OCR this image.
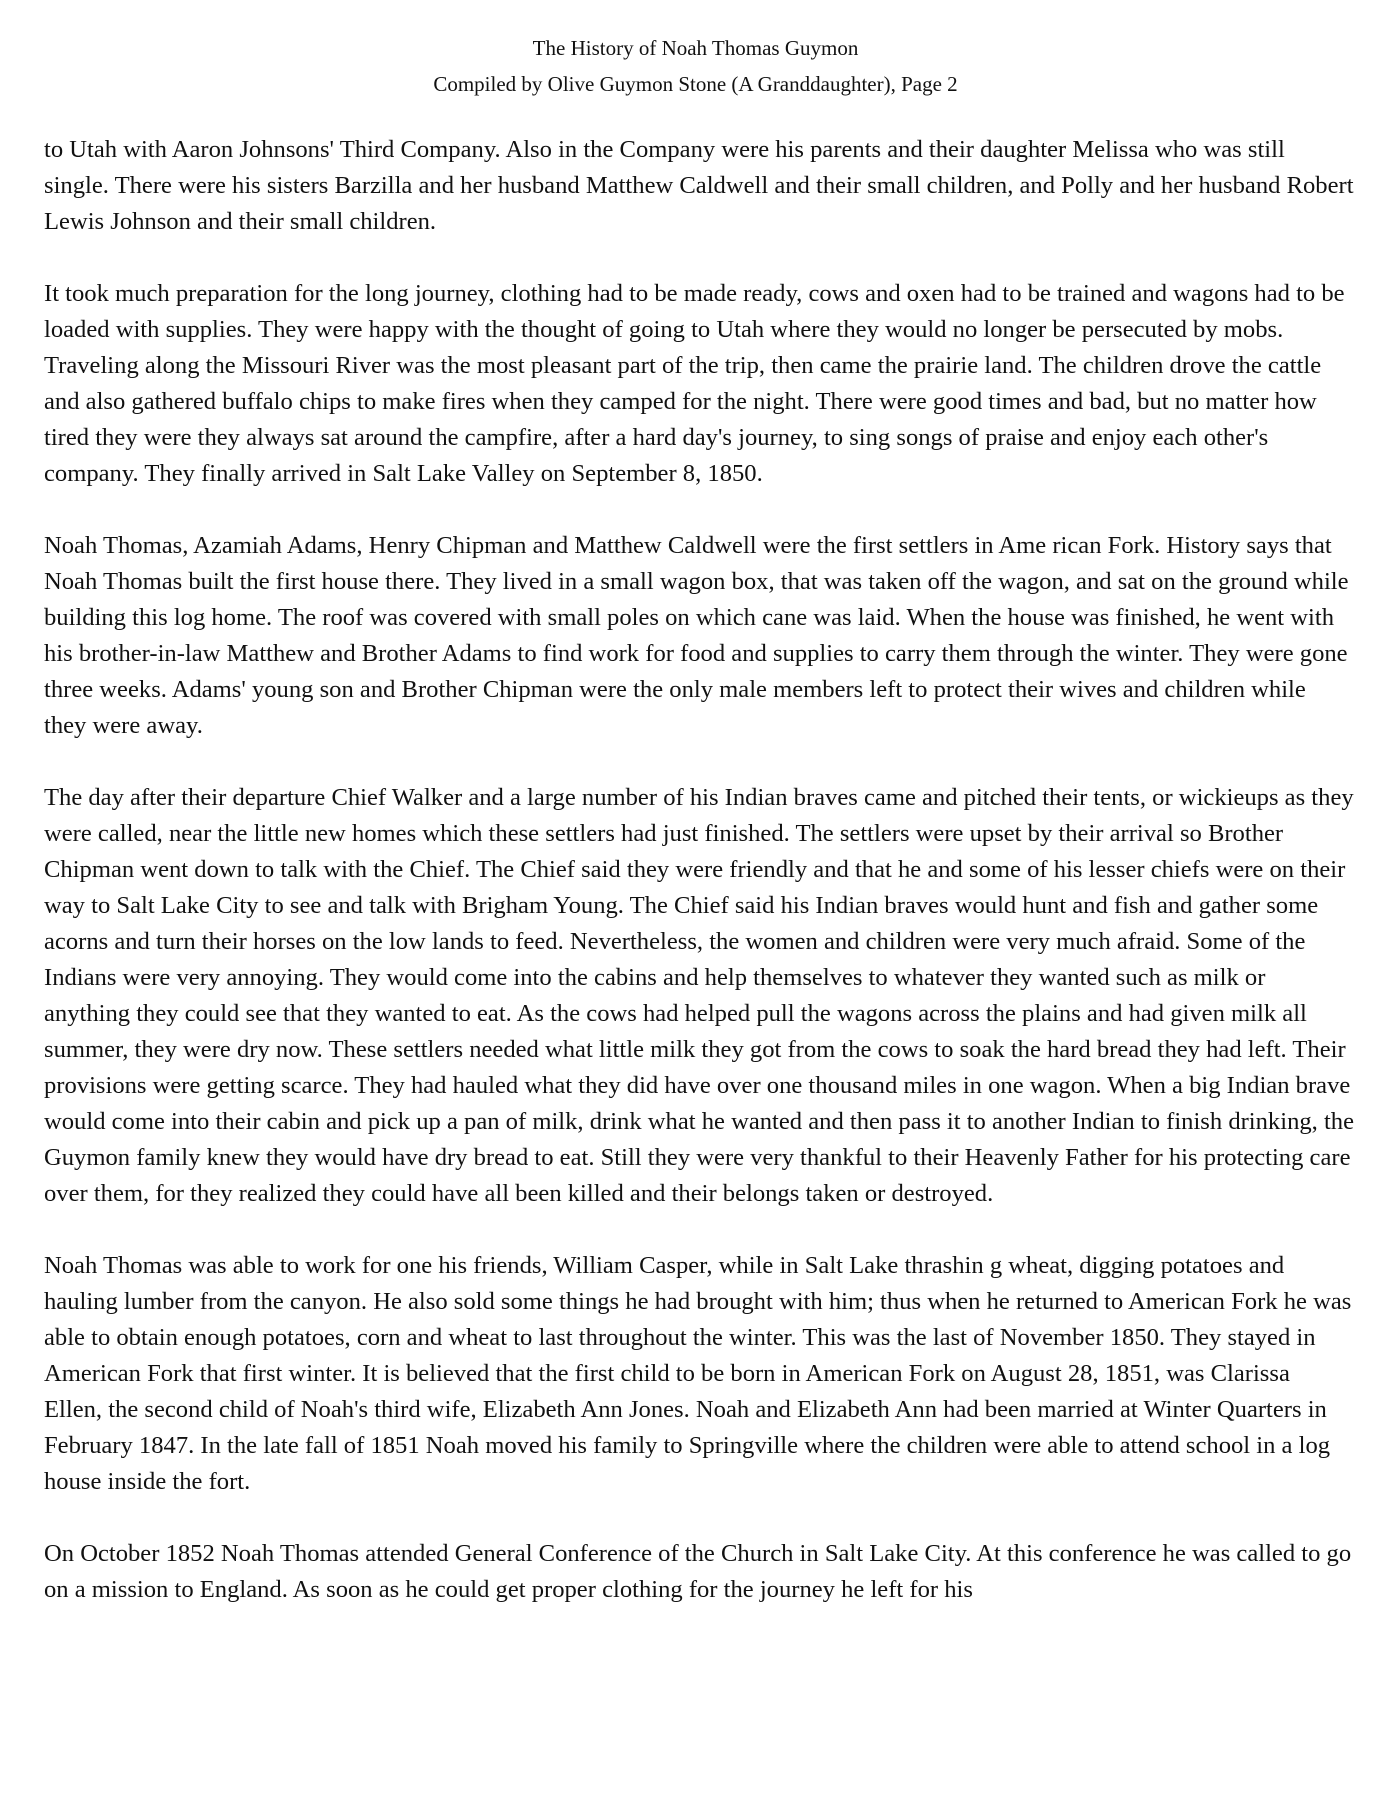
The History of Noah Thomas Guymon
Compiled by Olive Guymon Stone (A Granddaughter), Page 2

to Utah with Aaron Johnsons' Third Company. Also in the Company were his parents and their daughter Melissa who was still single. There were his sisters Barzilla and her husband Matthew Caldwell and their small children, and Polly and her husband Robert Lewis Johnson and their small children.

It took much preparation for the long journey, clothing had to be made ready, cows and oxen had to be trained and wagons had to be loaded with supplies. They were happy with the thought of going to Utah where they would no longer be persecuted by mobs. Traveling along the Missouri River was the most pleasant part of the trip, then came the prairie land. The children drove the cattle and also gathered buffalo chips to make fires when they camped for the night. There were good times and bad, but no matter how tired they were they always sat around the campfire, after a hard day's journey, to sing songs of praise and enjoy each other's company. They finally arrived in Salt Lake Valley on September 8, 1850.

Noah Thomas, Azamiah Adams, Henry Chipman and Matthew Caldwell were the first settlers in Ame rican Fork. History says that Noah Thomas built the first house there. They lived in a small wagon box, that was taken off the wagon, and sat on the ground while building this log home. The roof was covered with small poles on which cane was laid. When the house was finished, he went with his brother-in-law Matthew and Brother Adams to find work for food and supplies to carry them through the winter. They were gone three weeks. Adams' young son and Brother Chipman were the only male members left to protect their wives and children while they were away.

The day after their departure Chief Walker and a large number of his Indian braves came and pitched their tents, or wickieups as they were called, near the little new homes which these settlers had just finished. The settlers were upset by their arrival so Brother Chipman went down to talk with the Chief. The Chief said they were friendly and that he and some of his lesser chiefs were on their way to Salt Lake City to see and talk with Brigham Young. The Chief said his Indian braves would hunt and fish and gather some acorns and turn their horses on the low lands to feed. Nevertheless, the women and children were very much afraid. Some of the Indians were very annoying. They would come into the cabins and help themselves to whatever they wanted such as milk or anything they could see that they wanted to eat. As the cows had helped pull the wagons across the plains and had given milk all summer, they were dry now. These settlers needed what little milk they got from the cows to soak the hard bread they had left. Their provisions were getting scarce. They had hauled what they did have over one thousand miles in one wagon. When a big Indian brave would come into their cabin and pick up a pan of milk, drink what he wanted and then pass it to another Indian to finish drinking, the Guymon family knew they would have dry bread to eat. Still they were very thankful to their Heavenly Father for his protecting care over them, for they realized they could have all been killed and their belongs taken or destroyed.

Noah Thomas was able to work for one his friends, William Casper, while in Salt Lake thrashin g wheat, digging potatoes and hauling lumber from the canyon. He also sold some things he had brought with him; thus when he returned to American Fork he was able to obtain enough potatoes, corn and wheat to last throughout the winter. This was the last of November 1850. They stayed in American Fork that first winter. It is believed that the first child to be born in American Fork on August 28, 1851, was Clarissa Ellen, the second child of Noah's third wife, Elizabeth Ann Jones. Noah and Elizabeth Ann had been married at Winter Quarters in February 1847. In the late fall of 1851 Noah moved his family to Springville where the children were able to attend school in a log house inside the fort.

On October 1852 Noah Thomas attended General Conference of the Church in Salt Lake City. At this conference he was called to go on a mission to England. As soon as he could get proper clothing for the journey he left for his
